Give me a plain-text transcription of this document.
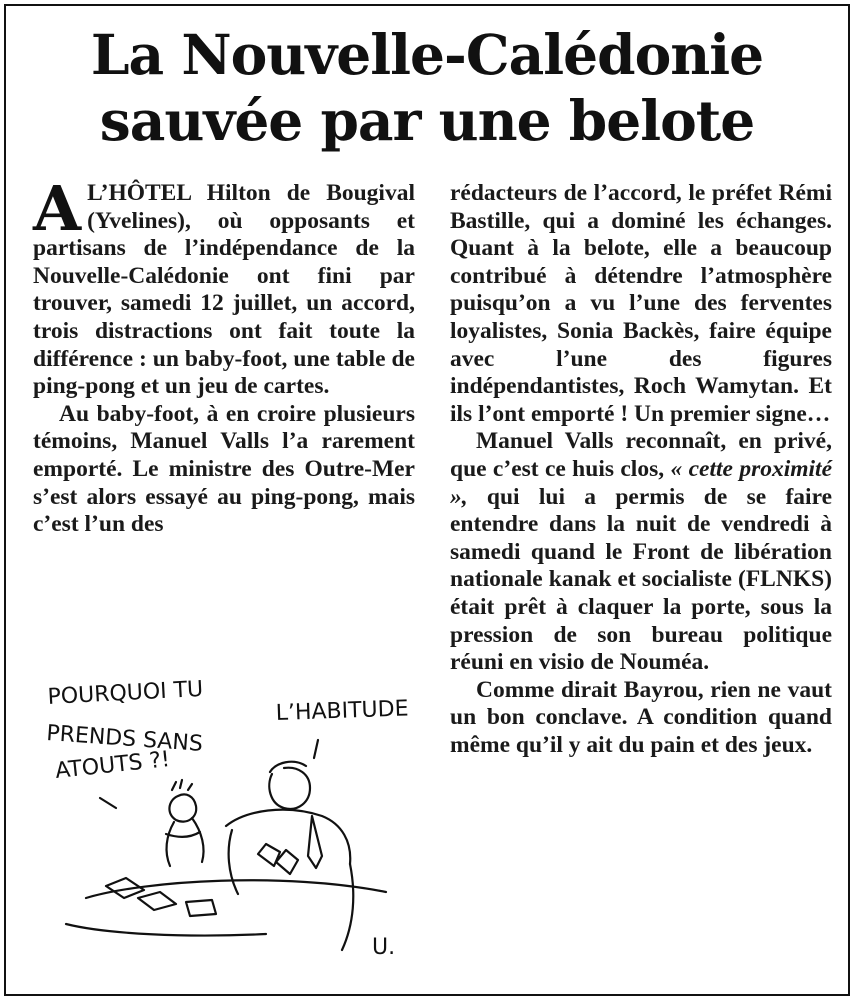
La Nouvelle-Calédonie
sauvée par une belote

A L’HÔTEL Hilton de Bougival (Yvelines), où opposants et partisans de l’indépendance de la Nouvelle-Calédonie ont fini par trouver, samedi 12 juillet, un accord, trois distractions ont fait toute la différence : un baby-foot, une table de ping-pong et un jeu de cartes.

Au baby-foot, à en croire plusieurs témoins, Manuel Valls l’a rarement emporté. Le ministre des Outre-Mer s’est alors essayé au ping-pong, mais c’est l’un des

rédacteurs de l’accord, le préfet Rémi Bastille, qui a dominé les échanges. Quant à la belote, elle a beaucoup contribué à détendre l’atmosphère puisqu’on a vu l’une des ferventes loyalistes, Sonia Backès, faire équipe avec l’une des figures indépendantistes, Roch Wamytan. Et ils l’ont emporté ! Un premier signe…

Manuel Valls reconnaît, en privé, que c’est ce huis clos, « cette proximité », qui lui a permis de se faire entendre dans la nuit de vendredi à samedi quand le Front de libération nationale kanak et socialiste (FLNKS) était prêt à claquer la porte, sous la pression de son bureau politique réuni en visio de Nouméa.

Comme dirait Bayrou, rien ne vaut un bon conclave. A condition quand même qu’il y ait du pain et des jeux.

POURQUOI TU
PRENDS SANS
ATOUTS ?!
L’HABITUDE
U.
